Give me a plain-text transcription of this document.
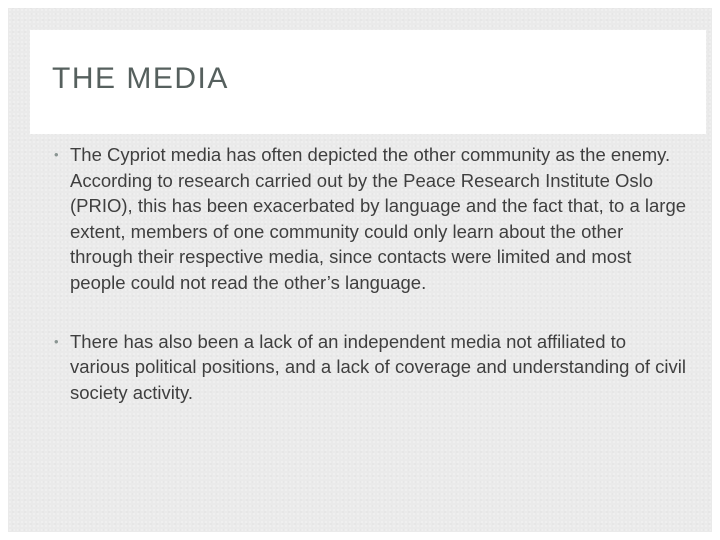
THE MEDIA
• The Cypriot media has often depicted the other community as the enemy. According to research carried out by the Peace Research Institute Oslo (PRIO), this has been exacerbated by language and the fact that, to a large extent, members of one community could only learn about the other through their respective media, since contacts were limited and most people could not read the other’s language.
• There has also been a lack of an independent media not affiliated to various political positions, and a lack of coverage and understanding of civil society activity.
